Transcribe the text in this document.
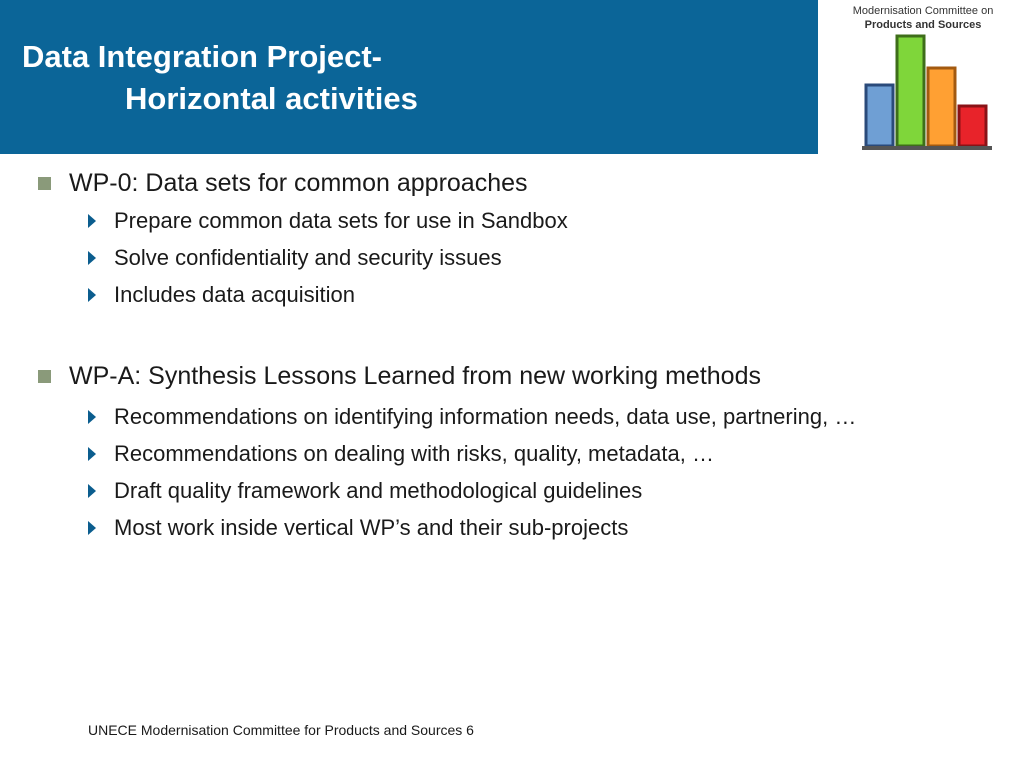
Data Integration Project-
Horizontal activities
Modernisation Committee on
Products and Sources
WP-0: Data sets for common approaches
Prepare common data sets for use in Sandbox
Solve confidentiality and security issues
Includes data acquisition
WP-A: Synthesis Lessons Learned from new working methods
Recommendations on identifying information needs, data use, partnering, …
Recommendations on dealing with risks, quality, metadata, …
Draft quality framework and methodological guidelines
Most work inside vertical WP’s and their sub-projects
UNECE Modernisation Committee for Products and Sources 6
